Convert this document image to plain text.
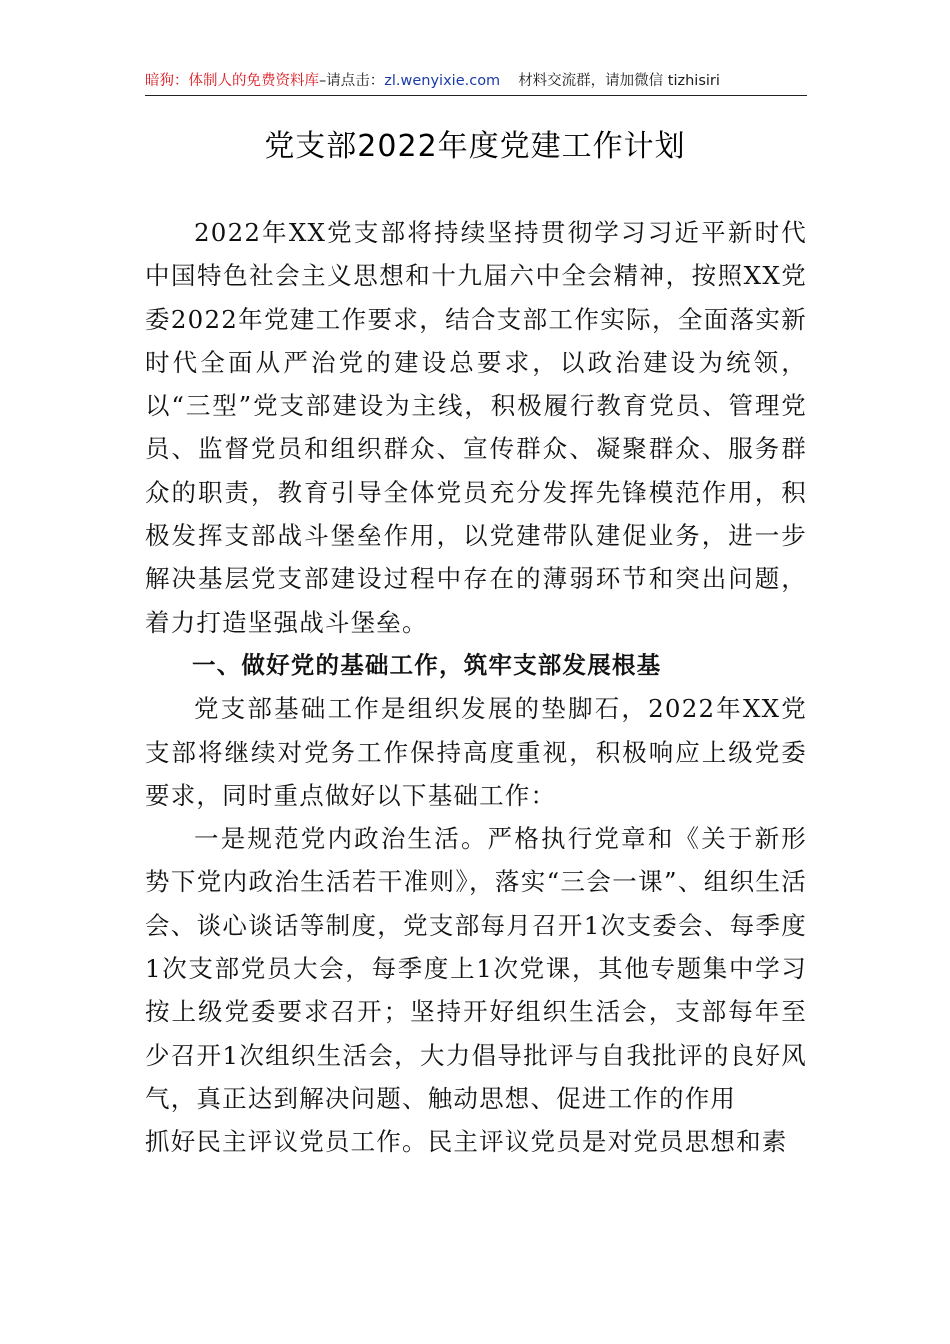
暗狗：体制人的免费资料库–请点击：zl.wenyixie.com 材料交流群，请加微信 tizhisiri
党支部2022年度党建工作计划

2022年XX党支部将持续坚持贯彻学习习近平新时代中国特色社会主义思想和十九届六中全会精神，按照XX党委2022年党建工作要求，结合支部工作实际，全面落实新时代全面从严治党的建设总要求，以政治建设为统领，以“三型”党支部建设为主线，积极履行教育党员、管理党员、监督党员和组织群众、宣传群众、凝聚群众、服务群众的职责，教育引导全体党员充分发挥先锋模范作用，积极发挥支部战斗堡垒作用，以党建带队建促业务，进一步解决基层党支部建设过程中存在的薄弱环节和突出问题，着力打造坚强战斗堡垒。

一、做好党的基础工作，筑牢支部发展根基

党支部基础工作是组织发展的垫脚石，2022年XX党支部将继续对党务工作保持高度重视，积极响应上级党委要求，同时重点做好以下基础工作：

一是规范党内政治生活。严格执行党章和《关于新形势下党内政治生活若干准则》，落实“三会一课”、组织生活会、谈心谈话等制度，党支部每月召开1次支委会、每季度1次支部党员大会，每季度上1次党课，其他专题集中学习按上级党委要求召开；坚持开好组织生活会，支部每年至少召开1次组织生活会，大力倡导批评与自我批评的良好风气，真正达到解决问题、触动思想、促进工作的作用

抓好民主评议党员工作。民主评议党员是对党员思想和素
